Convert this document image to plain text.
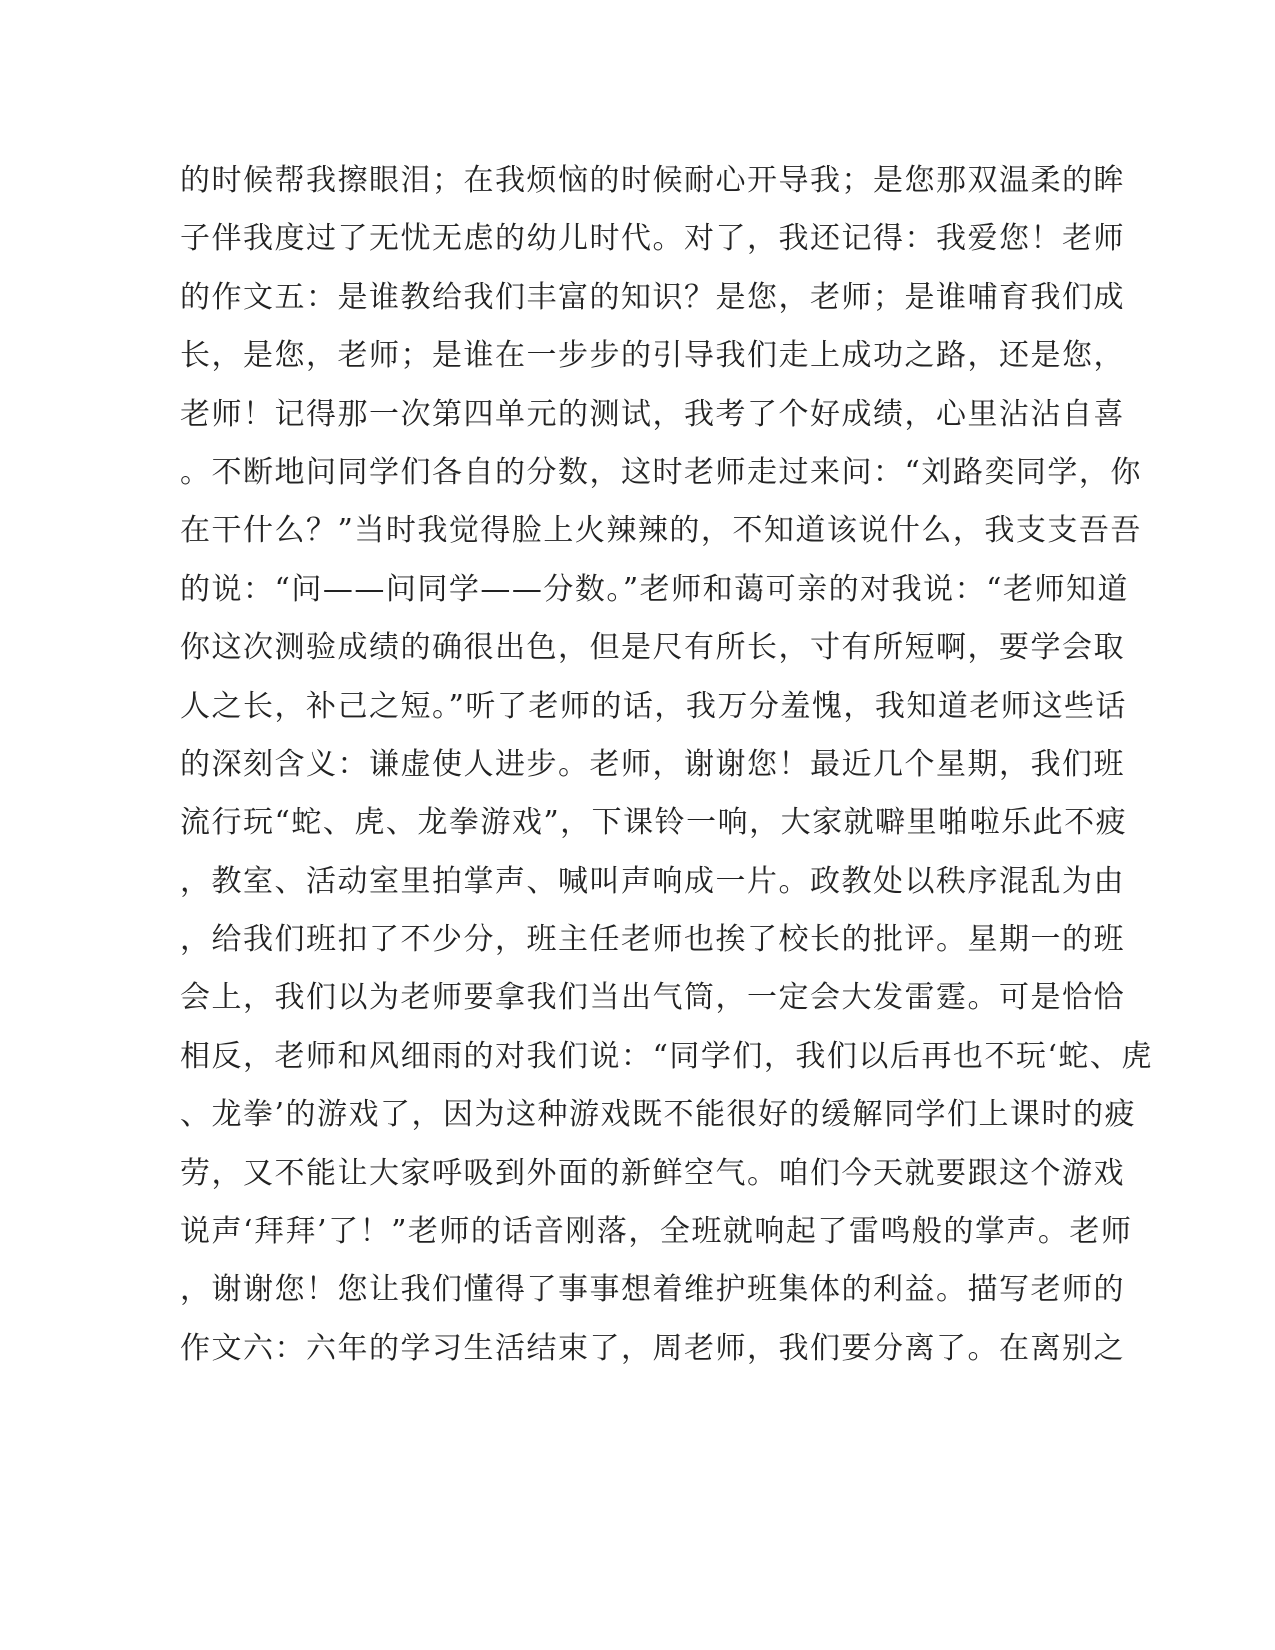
的时候帮我擦眼泪；在我烦恼的时候耐心开导我；是您那双温柔的眸
子伴我度过了无忧无虑的幼儿时代。对了，我还记得：我爱您！老师
的作文五：是谁教给我们丰富的知识？是您，老师；是谁哺育我们成
长，是您，老师；是谁在一步步的引导我们走上成功之路，还是您，
老师！记得那一次第四单元的测试，我考了个好成绩，心里沾沾自喜
。不断地问同学们各自的分数，这时老师走过来问：“刘路奕同学，你
在干什么？”当时我觉得脸上火辣辣的，不知道该说什么，我支支吾吾
的说：“问——问同学——分数。”老师和蔼可亲的对我说：“老师知道
你这次测验成绩的确很出色，但是尺有所长，寸有所短啊，要学会取
人之长，补己之短。”听了老师的话，我万分羞愧，我知道老师这些话
的深刻含义：谦虚使人进步。老师，谢谢您！最近几个星期，我们班
流行玩“蛇、虎、龙拳游戏”，下课铃一响，大家就噼里啪啦乐此不疲
，教室、活动室里拍掌声、喊叫声响成一片。政教处以秩序混乱为由
，给我们班扣了不少分，班主任老师也挨了校长的批评。星期一的班
会上，我们以为老师要拿我们当出气筒，一定会大发雷霆。可是恰恰
相反，老师和风细雨的对我们说：“同学们，我们以后再也不玩‘蛇、虎
、龙拳’的游戏了，因为这种游戏既不能很好的缓解同学们上课时的疲
劳，又不能让大家呼吸到外面的新鲜空气。咱们今天就要跟这个游戏
说声‘拜拜’了！”老师的话音刚落，全班就响起了雷鸣般的掌声。老师
，谢谢您！您让我们懂得了事事想着维护班集体的利益。描写老师的
作文六：六年的学习生活结束了，周老师，我们要分离了。在离别之
